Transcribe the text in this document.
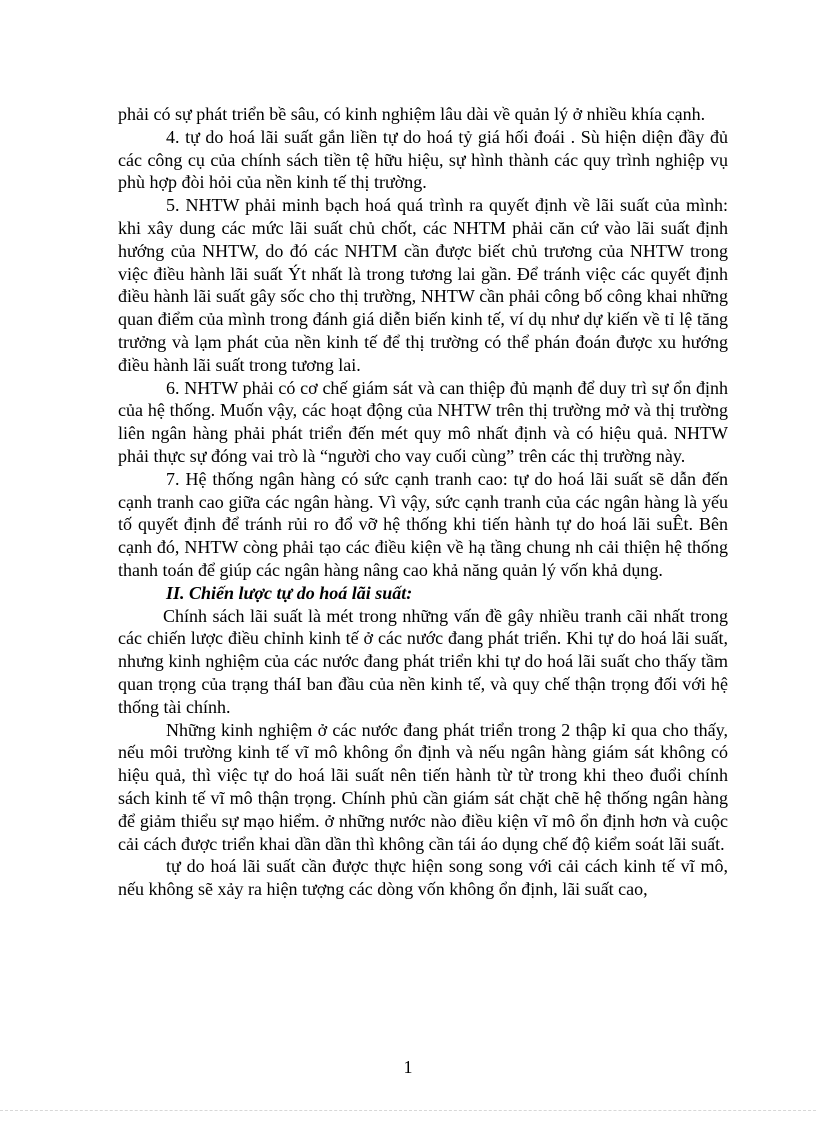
phải có sự phát triển bề sâu, có kinh nghiệm lâu dài về quản lý ở nhiều khía cạnh.

4. tự do hoá lãi suất gắn liền tự do hoá tỷ giá hối đoái . Sù hiện diện đầy đủ các công cụ của chính sách tiền tệ hữu hiệu, sự hình thành các quy trình nghiệp vụ phù hợp đòi hỏi của nền kinh tế thị trường.

5. NHTW phải minh bạch hoá quá trình ra quyết định về lãi suất của mình: khi xây dung các mức lãi suất chủ chốt, các NHTM phải căn cứ vào lãi suất định hướng của NHTW, do đó các NHTM cần được biết chủ trương của NHTW trong việc điều hành lãi suất Ýt nhất là trong tương lai gần. Để tránh việc các quyết định điều hành lãi suất gây sốc cho thị trường, NHTW cần phải công bố công khai những quan điểm của mình trong đánh giá diễn biến kinh tế, ví dụ như dự kiến về tỉ lệ tăng trưởng và lạm phát của nền kinh tế để thị trường có thể phán đoán được xu hướng điều hành lãi suất trong tương lai.

6. NHTW phải có cơ chế giám sát và can thiệp đủ mạnh để duy trì sự ổn định của hệ thống. Muốn vậy, các hoạt động của NHTW trên thị trường mở và thị trường liên ngân hàng phải phát triển đến mét quy mô nhất định và có hiệu quả. NHTW phải thực sự đóng vai trò là “người cho vay cuối cùng” trên các thị trường này.

7. Hệ thống ngân hàng có sức cạnh tranh cao: tự do hoá lãi suất sẽ dẫn đến cạnh tranh cao giữa các ngân hàng. Vì vậy, sức cạnh tranh của các ngân hàng là yếu tố quyết định để tránh rủi ro đổ vỡ hệ thống khi tiến hành tự do hoá lãi suÊt. Bên cạnh đó, NHTW còng phải tạo các điều kiện về hạ tầng chung nh cải thiện hệ thống thanh toán để giúp các ngân hàng nâng cao khả năng quản lý vốn khả dụng.

II. Chiến lược tự do hoá lãi suất:

Chính sách lãi suất là mét trong những vấn đề gây nhiều tranh cãi nhất trong các chiến lược điều chỉnh kinh tế ở các nước đang phát triển. Khi tự do hoá lãi suất, nhưng kinh nghiệm của các nước đang phát triển khi tự do hoá lãi suất cho thấy tầm quan trọng của trạng tháI ban đầu của nền kinh tế, và quy chế thận trọng đối với hệ thống tài chính.

Những kinh nghiệm ở các nước đang phát triển trong 2 thập kỉ qua cho thấy, nếu môi trường kinh tế vĩ mô không ổn định và nếu ngân hàng giám sát không có hiệu quả, thì việc tự do hoá lãi suất nên tiến hành từ từ trong khi theo đuổi chính sách kinh tế vĩ mô thận trọng. Chính phủ cần giám sát chặt chẽ hệ thống ngân hàng để giảm thiểu sự mạo hiểm. ở những nước nào điều kiện vĩ mô ổn định hơn và cuộc cải cách được triển khai dần dần thì không cần tái áo dụng chế độ kiểm soát lãi suất.

tự do hoá lãi suất cần được thực hiện song song với cải cách kinh tế vĩ mô, nếu không sẽ xảy ra hiện tượng các dòng vốn không ổn định, lãi suất cao,

1
